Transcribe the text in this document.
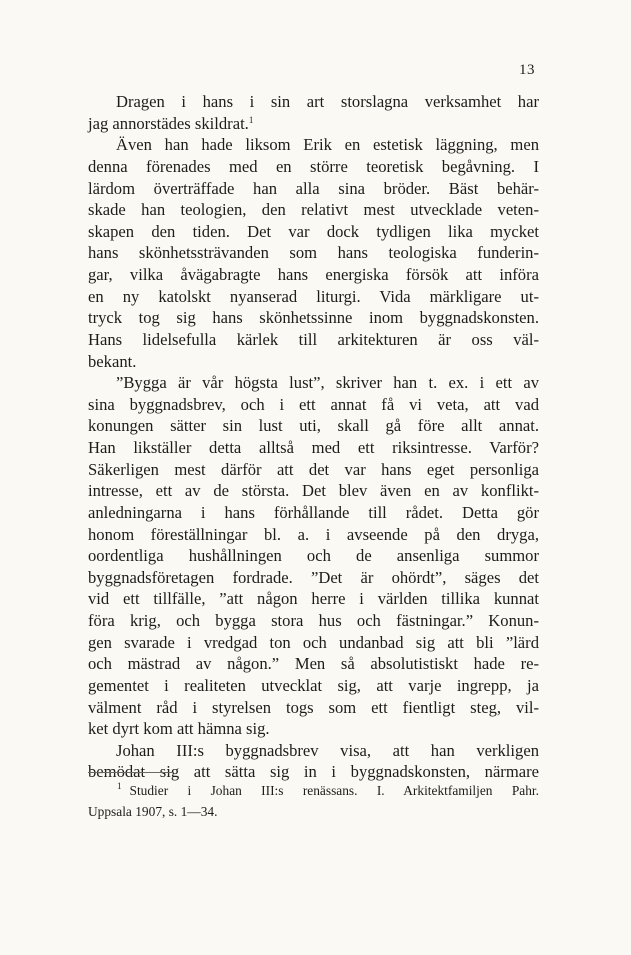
13
Dragen i hans i sin art storslagna verksamhet har
jag annorstädes skildrat.$^1$
Även han hade liksom Erik en estetisk läggning, men
denna förenades med en större teoretisk begåvning. I
lärdom överträffade han alla sina bröder. Bäst behär-
skade han teologien, den relativt mest utvecklade veten-
skapen den tiden. Det var dock tydligen lika mycket
hans skönhetssträvanden som hans teologiska funderin-
gar, vilka åvägabragte hans energiska försök att införa
en ny katolskt nyanserad liturgi. Vida märkligare ut-
tryck tog sig hans skönhetssinne inom byggnadskonsten.
Hans lidelsefulla kärlek till arkitekturen är oss väl-
bekant.
”Bygga är vår högsta lust”, skriver han t. ex. i ett av
sina byggnadsbrev, och i ett annat få vi veta, att vad
konungen sätter sin lust uti, skall gå före allt annat.
Han likställer detta alltså med ett riksintresse. Varför?
Säkerligen mest därför att det var hans eget personliga
intresse, ett av de största. Det blev även en av konflikt-
anledningarna i hans förhållande till rådet. Detta gör
honom föreställningar bl. a. i avseende på den dryga,
oordentliga hushållningen och de ansenliga summor
byggnadsföretagen fordrade. ”Det är ohördt”, säges det
vid ett tillfälle, ”att någon herre i världen tillika kunnat
föra krig, och bygga stora hus och fästningar.” Konun-
gen svarade i vredgad ton och undanbad sig att bli ”lärd
och mästrad av någon.” Men så absolutistiskt hade re-
gementet i realiteten utvecklat sig, att varje ingrepp, ja
välment råd i styrelsen togs som ett fientligt steg, vil-
ket dyrt kom att hämna sig.
Johan III:s byggnadsbrev visa, att han verkligen
bemödat sig att sätta sig in i byggnadskonsten, närmare
$^1$ Studier i Johan III:s renässans. I. Arkitektfamiljen Pahr.
Uppsala 1907, s. 1—34.
